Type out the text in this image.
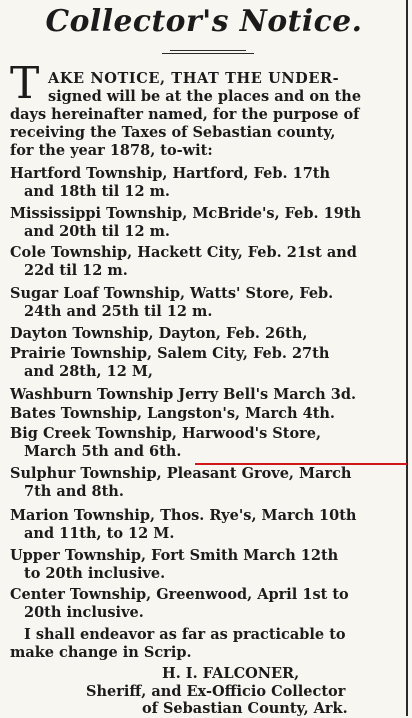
Collector's Notice.
T AKE NOTICE, THAT THE UNDER-
signed will be at the places and on the
days hereinafter named, for the purpose of
receiving the Taxes of Sebastian county,
for the year 1878, to-wit:
Hartford Township, Hartford, Feb. 17th
and 18th til 12 m.
Mississippi Township, McBride's, Feb. 19th
and 20th til 12 m.
Cole Township, Hackett City, Feb. 21st and
22d til 12 m.
Sugar Loaf Township, Watts' Store, Feb.
24th and 25th til 12 m.
Dayton Township, Dayton, Feb. 26th,
Prairie Township, Salem City, Feb. 27th
and 28th, 12 M,
Washburn Township Jerry Bell's March 3d.
Bates Township, Langston's, March 4th.
Big Creek Township, Harwood's Store,
March 5th and 6th.
Sulphur Township, Pleasant Grove, March
7th and 8th.
Marion Township, Thos. Rye's, March 10th
and 11th, to 12 M.
Upper Township, Fort Smith March 12th
to 20th inclusive.
Center Township, Greenwood, April 1st to
20th inclusive.
I shall endeavor as far as practicable to
make change in Scrip.
H. I. FALCONER,
Sheriff, and Ex-Officio Collector
of Sebastian County, Ark.
